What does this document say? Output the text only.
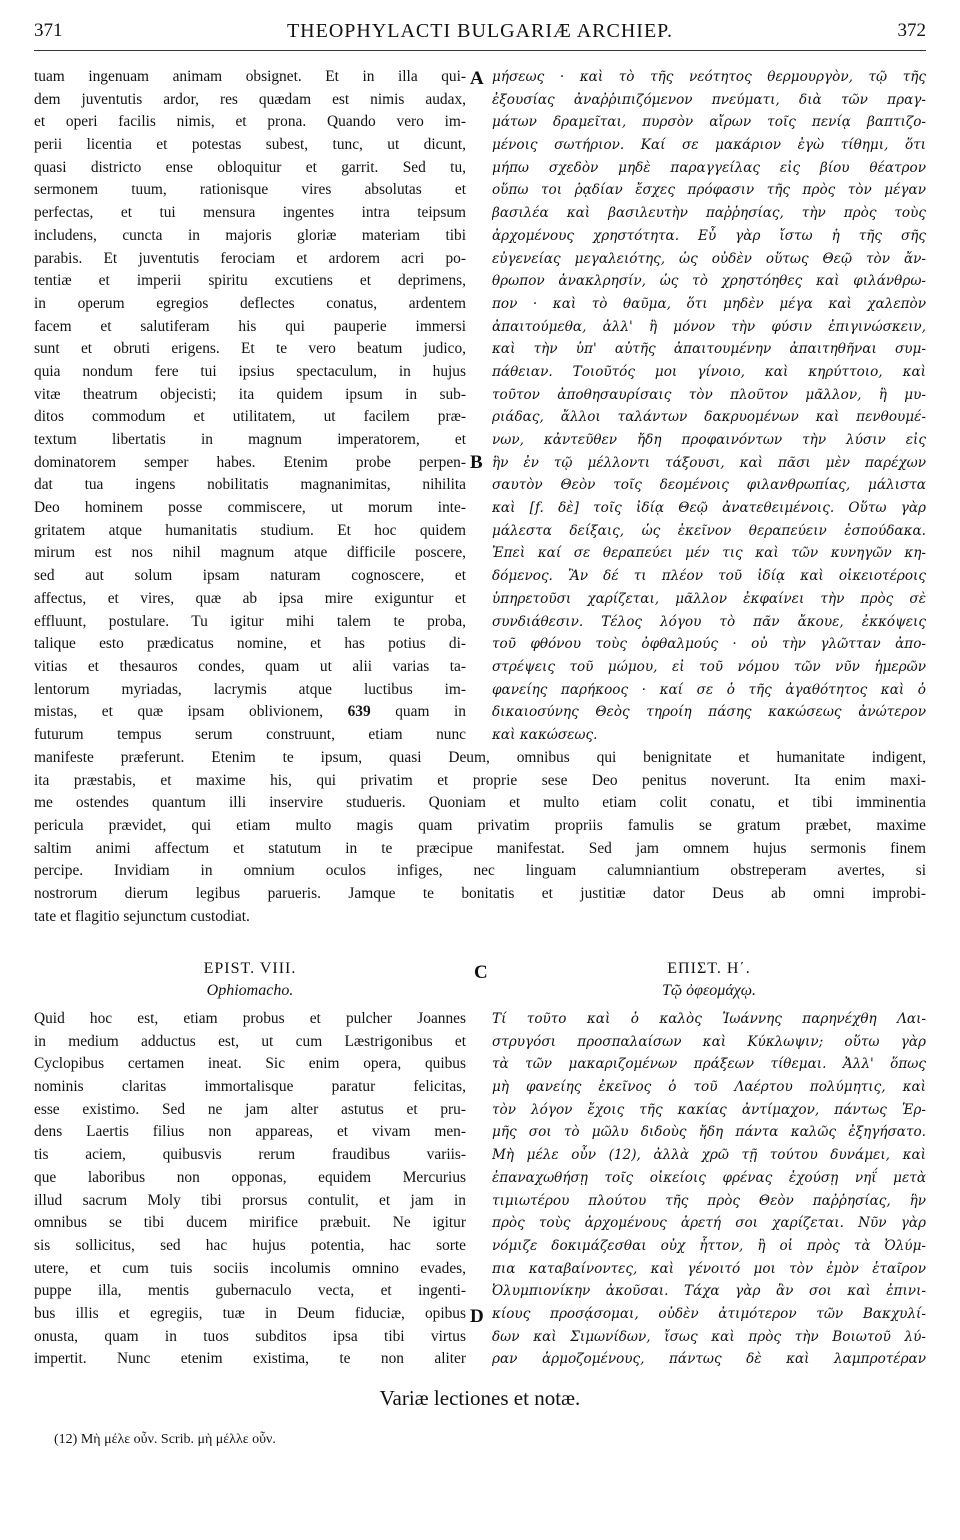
371	THEOPHYLACTI BULGARIÆ ARCHIEP.	372
tuam ingenuam animam obsignet. Et in illa qui-
dem juventutis ardor, res quædam est nimis audax,
et operi facilis nimis, et prona. Quando vero im-
perii licentia et potestas subest, tunc, ut dicunt,
quasi districto ense obloquitur et garrit. Sed tu,
sermonem tuum, rationisque vires absolutas et
perfectas, et tui mensura ingentes intra teipsum
includens, cuncta in majoris gloriæ materiam tibi
parabis. Et juventutis ferociam et ardorem acri po-
tentiæ et imperii spiritu excutiens et deprimens,
in operum egregios deflectes conatus, ardentem
facem et salutiferam his qui pauperie immersi
sunt et obruti erigens. Et te vero beatum judico,
quia nondum fere tui ipsius spectaculum, in hujus
vitæ theatrum objecisti; ita quidem ipsum in sub-
ditos commodum et utilitatem, ut facilem præ-
textum libertatis in magnum imperatorem, et
dominatorem semper habes. Etenim probe perpen-
dat tua ingens nobilitatis magnanimitas, nihilita
Deo hominem posse commiscere, ut morum inte-
gritatem atque humanitatis studium. Et hoc quidem
mirum est nos nihil magnum atque difficile poscere,
sed aut solum ipsam naturam cognoscere, et
affectus, et vires, quæ ab ipsa mire exiguntur et
effluunt, postulare. Tu igitur mihi talem te proba,
talique esto prædicatus nomine, et has potius di-
vitias et thesauros condes, quam ut alii varias ta-
lentorum myriadas, lacrymis atque luctibus im-
mistas, et quæ ipsam oblivionem, 639 quam in
futurum tempus serum construunt, etiam nunc
μήσεως · καὶ τὸ τῆς νεότητος θερμουργὸν, τῷ τῆς
ἐξουσίας ἀναῤῥιπιζόμενον πνεύματι, διὰ τῶν πραγ-
μάτων δραμεῖται, πυρσὸν αἴρων τοῖς πενίᾳ βαπτιζο-
μένοις σωτήριον. Καί σε μακάριον ἐγὼ τίθημι, ὅτι
μήπω σχεδὸν μηδὲ παραγγείλας εἰς βίου θέατρον
οὕπω τοι ῥᾳδίαν ἔσχες πρόφασιν τῆς πρὸς τὸν μέγαν
βασιλέα καὶ βασιλευτὴν παῤῥησίας, τὴν πρὸς τοὺς
ἀρχομένους χρηστότητα. Εὖ γὰρ ἴστω ἡ τῆς σῆς
εὐγενείας μεγαλειότης, ὡς οὐδὲν οὕτως Θεῷ τὸν ἄν-
θρωπον ἀνακλρησίν, ὡς τὸ χρηστόηθες καὶ φιλάνθρω-
πον · καὶ τὸ θαῦμα, ὅτι μηδὲν μέγα καὶ χαλεπὸν
ἀπαιτούμεθα, ἀλλ' ἢ μόνον τὴν φύσιν ἐπιγινώσκειν,
καὶ τὴν ὑπ' αὐτῆς ἀπαιτουμένην ἀπαιτηθῆναι συμ-
πάθειαν. Τοιοῦτός μοι γίνοιο, καὶ κηρύττοιο, καὶ
τοῦτον ἀποθησαυρίσαις τὸν πλοῦτον μᾶλλον, ἢ μυ-
ριάδας, ἄλλοι ταλάντων δακρυομένων καὶ πενθουμέ-
νων, κἀντεῦθεν ἤδη προφαινόντων τὴν λύσιν εἰς
ἣν ἐν τῷ μέλλοντι τάξουσι, καὶ πᾶσι μὲν παρέχων
σαυτὸν Θεὸν τοῖς δεομένοις φιλανθρωπίας, μάλιστα
καὶ [f. δὲ] τοῖς ἰδίᾳ Θεῷ ἀνατεθειμένοις. Οὕτω γὰρ
μάλεστα δείξαις, ὡς ἐκεῖνον θεραπεύειν ἐσπούδακα.
Ἐπεὶ καί σε θεραπεύει μέν τις καὶ τῶν κυνηγῶν κη-
δόμενος. Ἂν δέ τι πλέον τοῦ ἰδίᾳ καὶ οἰκειοτέροις
ὑπηρετοῦσι χαρίζεται, μᾶλλον ἐκφαίνει τὴν πρὸς σὲ
συνδιάθεσιν. Τέλος λόγου τὸ πᾶν ἄκουε, ἐκκόψεις
τοῦ φθόνου τοὺς ὀφθαλμούς · οὐ τὴν γλῶτταν ἀπο-
στρέψεις τοῦ μώμου, εἰ τοῦ νόμου τῶν νῦν ἡμερῶν
φανείης παρήκοος · καί σε ὁ τῆς ἀγαθότητος καὶ ὁ
δικαιοσύνης Θεὸς τηροίη πάσης κακώσεως ἀνώτερον
καὶ κακώσεως.
A
B
C
D
manifeste præferunt. Etenim te ipsum, quasi Deum, omnibus qui benignitate et humanitate indigent,
ita præstabis, et maxime his, qui privatim et proprie sese Deo penitus noverunt. Ita enim maxi-
me ostendes quantum illi inservire studueris. Quoniam et multo etiam colit conatu, et tibi imminentia
pericula prævidet, qui etiam multo magis quam privatim propriis famulis se gratum præbet, maxime
saltim animi affectum et statutum in te præcipue manifestat. Sed jam omnem hujus sermonis finem
percipe. Invidiam in omnium oculos infiges, nec linguam calumniantium obstreperam avertes, si
nostrorum dierum legibus parueris. Jamque te bonitatis et justitiæ dator Deus ab omni improbi-
tate et flagitio sejunctum custodiat.
EPIST. VIII.
Ophiomacho.
ΕΠΙΣΤ. Η΄.
Τῷ ὀφεομάχῳ.
Quid hoc est, etiam probus et pulcher Joannes
in medium adductus est, ut cum Læstrigonibus et
Cyclopibus certamen ineat. Sic enim opera, quibus
nominis claritas immortalisque paratur felicitas,
esse existimo. Sed ne jam alter astutus et pru-
dens Laertis filius non appareas, et vivam men-
tis aciem, quibusvis rerum fraudibus variis-
que laboribus non opponas, equidem Mercurius
illud sacrum Moly tibi prorsus contulit, et jam in
omnibus se tibi ducem mirifice præbuit. Ne igitur
sis sollicitus, sed hac hujus potentia, hac sorte
utere, et cum tuis sociis incolumis omnino evades,
puppe illa, mentis gubernaculo vecta, et ingenti-
bus illis et egregiis, tuæ in Deum fiduciæ, opibus
onusta, quam in tuos subditos ipsa tibi virtus
impertit. Nunc etenim existima, te non aliter
Τί τοῦτο καὶ ὁ καλὸς Ἰωάννης παρηνέχθη Λαι-
στρυγόσι προσπαλαίσων καὶ Κύκλωψιν; οὕτω γὰρ
τὰ τῶν μακαριζομένων πράξεων τίθεμαι. Ἀλλ' ὅπως
μὴ φανείης ἐκεῖνος ὁ τοῦ Λαέρτου πολύμητις, καὶ
τὸν λόγον ἔχοις τῆς κακίας ἀντίμαχον, πάντως Ἑρ-
μῆς σοι τὸ μῶλυ διδοὺς ἤδη πάντα καλῶς ἐξηγήσατο.
Μὴ μέλε οὖν (12), ἀλλὰ χρῶ τῇ τούτου δυνάμει, καὶ
ἐπαναχωθήσῃ τοῖς οἰκείοις φρένας ἐχούσῃ νηΐ μετὰ
τιμιωτέρου πλούτου τῆς πρὸς Θεὸν παῤῥησίας, ἣν
πρὸς τοὺς ἀρχομένους ἀρετή σοι χαρίζεται. Νῦν γὰρ
νόμιζε δοκιμάζεσθαι οὐχ ἧττον, ἢ οἱ πρὸς τὰ Ὀλύμ-
πια καταβαίνοντες, καὶ γένοιτό μοι τὸν ἐμὸν ἑταῖρον
Ὀλυμπιονίκην ἀκοῦσαι. Τάχα γὰρ ἂν σοι καὶ ἐπινι-
κίους προσᾴσομαι, οὐδὲν ἀτιμότερον τῶν Βακχυλί-
δων καὶ Σιμωνίδων, ἴσως καὶ πρὸς τὴν Βοιωτοῦ λύ-
ραν ἁρμοζομένους, πάντως δὲ καὶ λαμπροτέραν
Variæ lectiones et notæ.
(12) Μὴ μέλε οὖν. Scrib. μὴ μέλλε οὖν.
